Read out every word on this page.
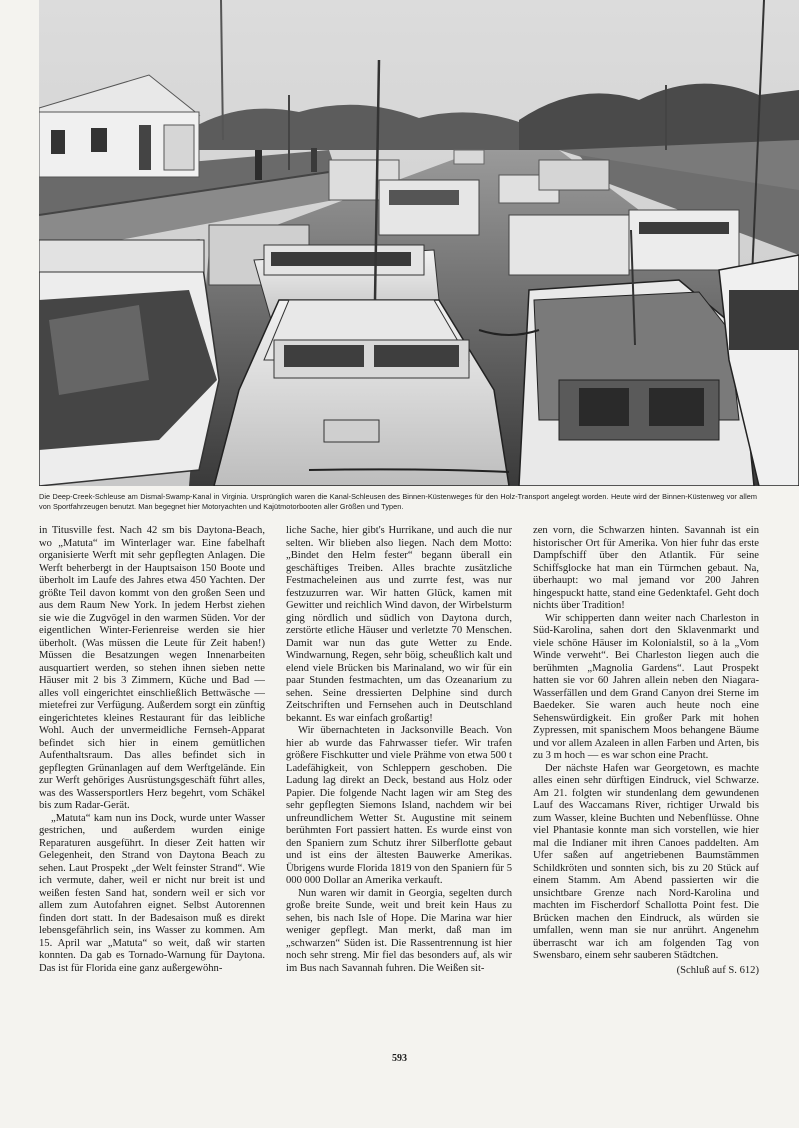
Die Deep-Creek-Schleuse am Dismal-Swamp-Kanal in Virginia. Ursprünglich waren die Kanal-Schleusen des Binnen-Küstenweges für den Holz-Transport angelegt worden. Heute wird der Binnen-Küstenweg vor allem von Sportfahrzeugen benutzt. Man begegnet hier Motoryachten und Kajütmotorbooten aller Größen und Typen.

in Titusville fest. Nach 42 sm bis Daytona-Beach, wo „Matuta“ im Winterlager war. Eine fabelhaft organisierte Werft mit sehr gepflegten Anlagen. Die Werft beherbergt in der Hauptsaison 150 Boote und überholt im Laufe des Jahres etwa 450 Yachten. Der größte Teil davon kommt von den großen Seen und aus dem Raum New York. In jedem Herbst ziehen sie wie die Zugvögel in den warmen Süden. Vor der eigentlichen Winter-Ferienreise werden sie hier überholt. (Was müssen die Leute für Zeit haben!) Müssen die Besatzungen wegen Innenarbeiten ausquartiert werden, so stehen ihnen sieben nette Häuser mit 2 bis 3 Zimmern, Küche und Bad — alles voll eingerichtet einschließlich Bettwäsche — mietefrei zur Verfügung. Außerdem sorgt ein zünftig eingerichtetes kleines Restaurant für das leibliche Wohl. Auch der unvermeidliche Fernseh-Apparat befindet sich hier in einem gemütlichen Aufenthaltsraum. Das alles befindet sich in gepflegten Grünanlagen auf dem Werftgelände. Ein zur Werft gehöriges Ausrüstungsgeschäft führt alles, was des Wassersportlers Herz begehrt, vom Schäkel bis zum Radar-Gerät.

„Matuta“ kam nun ins Dock, wurde unter Wasser gestrichen, und außerdem wurden einige Reparaturen ausgeführt. In dieser Zeit hatten wir Gelegenheit, den Strand von Daytona Beach zu sehen. Laut Prospekt „der Welt feinster Strand“. Wie ich vermute, daher, weil er nicht nur breit ist und weißen festen Sand hat, sondern weil er sich vor allem zum Autofahren eignet. Selbst Autorennen finden dort statt. In der Badesaison muß es direkt lebensgefährlich sein, ins Wasser zu kommen. Am 15. April war „Matuta“ so weit, daß wir starten konnten. Da gab es Tornado-Warnung für Daytona. Das ist für Florida eine ganz außergewöhn-

liche Sache, hier gibt's Hurrikane, und auch die nur selten. Wir blieben also liegen. Nach dem Motto: „Bindet den Helm fester“ begann überall ein geschäftiges Treiben. Alles brachte zusätzliche Festmacheleinen aus und zurrte fest, was nur festzuzurren war. Wir hatten Glück, kamen mit Gewitter und reichlich Wind davon, der Wirbelsturm ging nördlich und südlich von Daytona durch, zerstörte etliche Häuser und verletzte 70 Menschen. Damit war nun das gute Wetter zu Ende. Windwarnung, Regen, sehr böig, scheußlich kalt und elend viele Brücken bis Marinaland, wo wir für ein paar Stunden festmachten, um das Ozeanarium zu sehen. Seine dressierten Delphine sind durch Zeitschriften und Fernsehen auch in Deutschland bekannt. Es war einfach großartig!

Wir übernachteten in Jacksonville Beach. Von hier ab wurde das Fahrwasser tiefer. Wir trafen größere Fischkutter und viele Prähme von etwa 500 t Ladefähigkeit, von Schleppern geschoben. Die Ladung lag direkt an Deck, bestand aus Holz oder Papier. Die folgende Nacht lagen wir am Steg des sehr gepflegten Siemons Island, nachdem wir bei unfreundlichem Wetter St. Augustine mit seinem berühmten Fort passiert hatten. Es wurde einst von den Spaniern zum Schutz ihrer Silberflotte gebaut und ist eins der ältesten Bauwerke Amerikas. Übrigens wurde Florida 1819 von den Spaniern für 5 000 000 Dollar an Amerika verkauft.

Nun waren wir damit in Georgia, segelten durch große breite Sunde, weit und breit kein Haus zu sehen, bis nach Isle of Hope. Die Marina war hier weniger gepflegt. Man merkt, daß man im „schwarzen“ Süden ist. Die Rassentrennung ist hier noch sehr streng. Mir fiel das besonders auf, als wir im Bus nach Savannah fuhren. Die Weißen sit-

zen vorn, die Schwarzen hinten. Savannah ist ein historischer Ort für Amerika. Von hier fuhr das erste Dampfschiff über den Atlantik. Für seine Schiffsglocke hat man ein Türmchen gebaut. Na, überhaupt: wo mal jemand vor 200 Jahren hingespuckt hatte, stand eine Gedenktafel. Geht doch nichts über Tradition!

Wir schipperten dann weiter nach Charleston in Süd-Karolina, sahen dort den Sklavenmarkt und viele schöne Häuser im Kolonialstil, so à la „Vom Winde verweht“. Bei Charleston liegen auch die berühmten „Magnolia Gardens“. Laut Prospekt hatten sie vor 60 Jahren allein neben den Niagara-Wasserfällen und dem Grand Canyon drei Sterne im Baedeker. Sie waren auch heute noch eine Sehenswürdigkeit. Ein großer Park mit hohen Zypressen, mit spanischem Moos behangene Bäume und vor allem Azaleen in allen Farben und Arten, bis zu 3 m hoch — es war schon eine Pracht.

Der nächste Hafen war Georgetown, es machte alles einen sehr dürftigen Eindruck, viel Schwarze. Am 21. folgten wir stundenlang dem gewundenen Lauf des Waccamans River, richtiger Urwald bis zum Wasser, kleine Buchten und Nebenflüsse. Ohne viel Phantasie konnte man sich vorstellen, wie hier mal die Indianer mit ihren Canoes paddelten. Am Ufer saßen auf angetriebenen Baumstämmen Schildkröten und sonnten sich, bis zu 20 Stück auf einem Stamm. Am Abend passierten wir die unsichtbare Grenze nach Nord-Karolina und machten im Fischerdorf Schallotta Point fest. Die Brücken machen den Eindruck, als würden sie umfallen, wenn man sie nur anrührt. Angenehm überrascht war ich am folgenden Tag von Swensbaro, einem sehr sauberen Städtchen.

(Schluß auf S. 612)

593
